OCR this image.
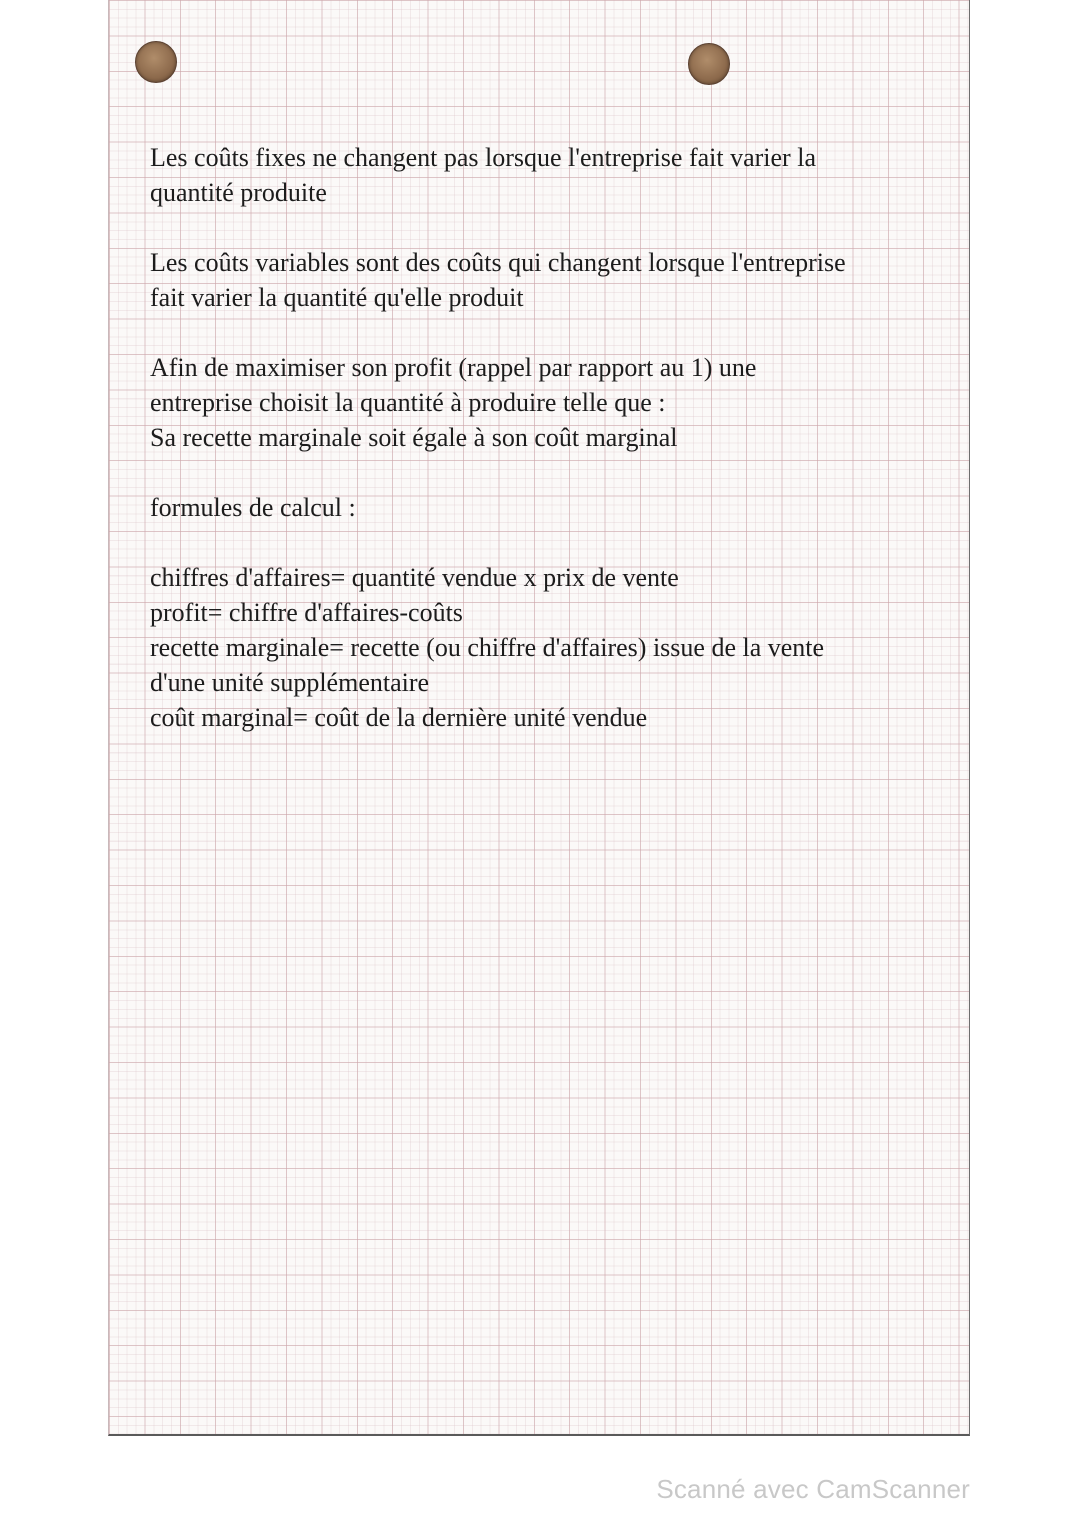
Les coûts fixes ne changent pas lorsque l'entreprise fait varier la
quantité produite
Les coûts variables sont des coûts qui changent lorsque l'entreprise
fait varier la quantité qu'elle produit
Afin de maximiser son profit (rappel par rapport au 1) une
entreprise choisit la quantité à produire telle que :
Sa recette marginale soit égale à son coût marginal
formules de calcul :
chiffres d'affaires= quantité vendue x prix de vente
profit= chiffre d'affaires-coûts
recette marginale= recette (ou chiffre d'affaires) issue de la vente
d'une unité supplémentaire
coût marginal= coût de la dernière unité vendue
Scanné avec CamScanner
